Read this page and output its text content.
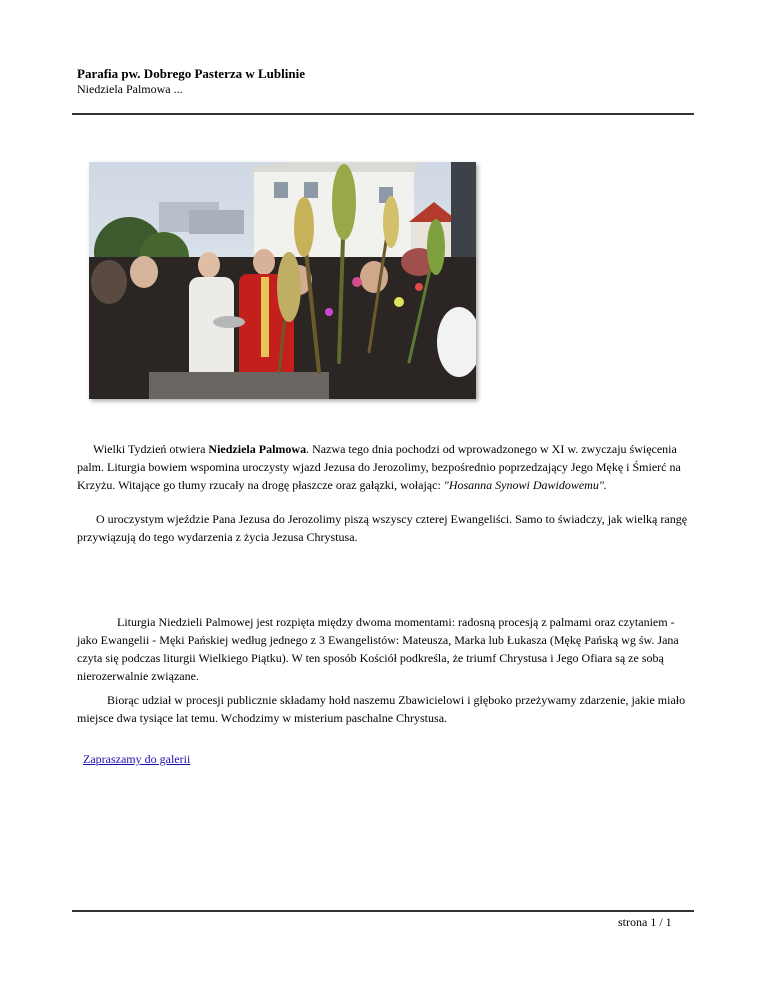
Parafia pw. Dobrego Pasterza w Lublinie
Niedziela Palmowa ...

Wielki Tydzień otwiera Niedziela Palmowa. Nazwa tego dnia pochodzi od wprowadzonego w XI w. zwyczaju święcenia palm. Liturgia bowiem wspomina uroczysty wjazd Jezusa do Jerozolimy, bezpośrednio poprzedzający Jego Mękę i Śmierć na Krzyżu. Witające go tłumy rzucały na drogę płaszcze oraz gałązki, wołając: "Hosanna Synowi Dawidowemu".

O uroczystym wjeździe Pana Jezusa do Jerozolimy piszą wszyscy czterej Ewangeliści. Samo to świadczy, jak wielką rangę przywiązują do tego wydarzenia z życia Jezusa Chrystusa.

Liturgia Niedzieli Palmowej jest rozpięta między dwoma momentami: radosną procesją z palmami oraz czytaniem - jako Ewangelii - Męki Pańskiej według jednego z 3 Ewangelistów: Mateusza, Marka lub Łukasza (Mękę Pańską wg św. Jana czyta się podczas liturgii Wielkiego Piątku). W ten sposób Kościół podkreśla, że triumf Chrystusa i Jego Ofiara są ze sobą nierozerwalnie związane.

Biorąc udział w procesji publicznie składamy hołd naszemu Zbawicielowi i głęboko przeżywamy zdarzenie, jakie miało miejsce dwa tysiące lat temu. Wchodzimy w misterium paschalne Chrystusa.

Zapraszamy do galerii
strona 1 / 1
